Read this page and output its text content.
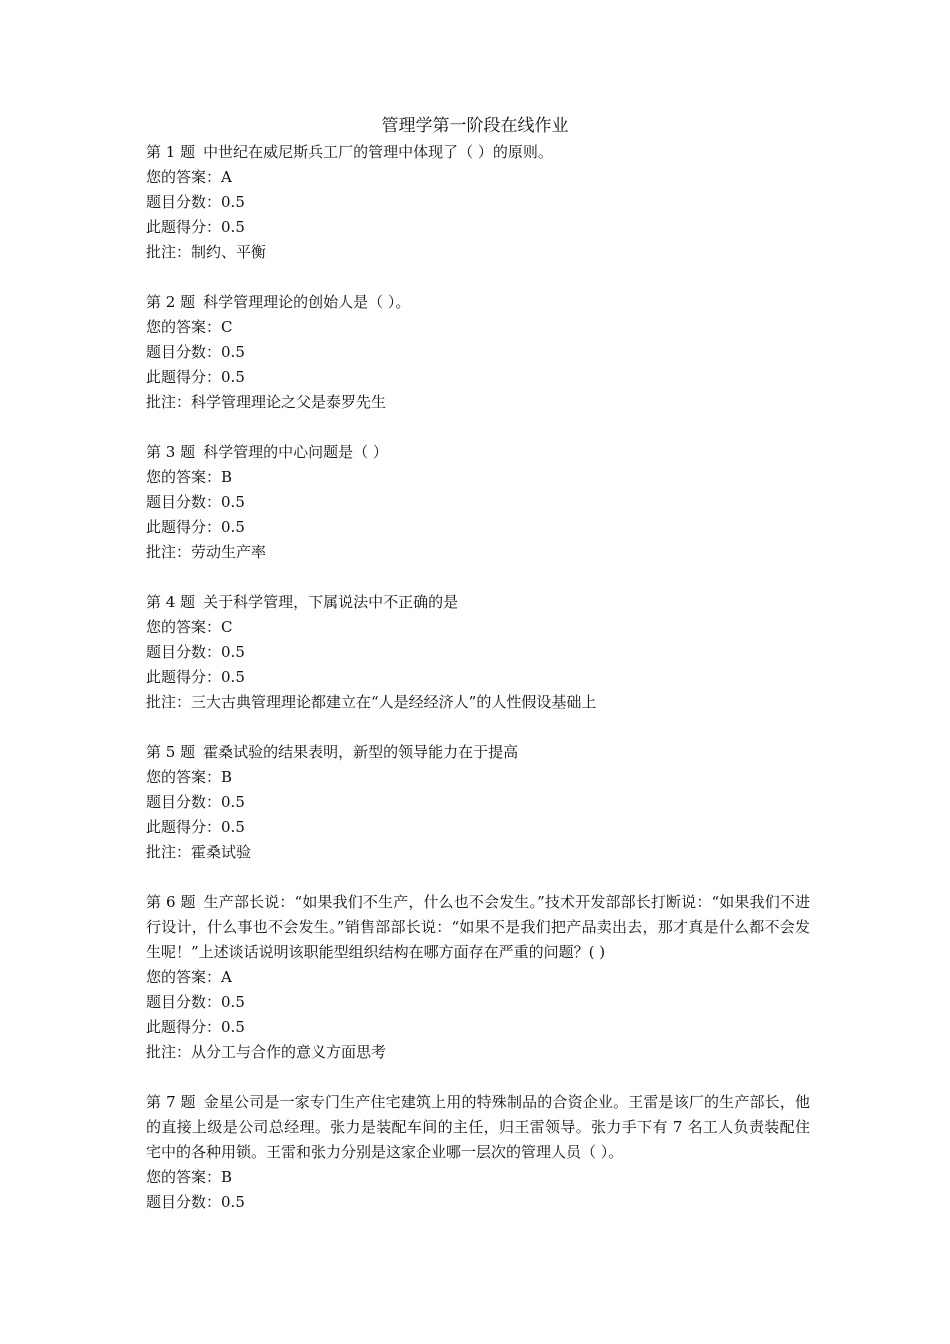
管理学第一阶段在线作业
第 1 题 中世纪在威尼斯兵工厂的管理中体现了（ ）的原则。
您的答案：A
题目分数：0.5
此题得分：0.5
批注：制约、平衡
第 2 题 科学管理理论的创始人是（ ）。
您的答案：C
题目分数：0.5
此题得分：0.5
批注：科学管理理论之父是泰罗先生
第 3 题 科学管理的中心问题是（ ）
您的答案：B
题目分数：0.5
此题得分：0.5
批注：劳动生产率
第 4 题 关于科学管理，下属说法中不正确的是
您的答案：C
题目分数：0.5
此题得分：0.5
批注：三大古典管理理论都建立在“人是经经济人”的人性假设基础上
第 5 题 霍桑试验的结果表明，新型的领导能力在于提高
您的答案：B
题目分数：0.5
此题得分：0.5
批注：霍桑试验
第 6 题 生产部长说：“如果我们不生产，什么也不会发生。”技术开发部部长打断说：“如果我们不进行设计，什么事也不会发生。”销售部部长说：“如果不是我们把产品卖出去，那才真是什么都不会发生呢！”上述谈话说明该职能型组织结构在哪方面存在严重的问题？( )
您的答案：A
题目分数：0.5
此题得分：0.5
批注：从分工与合作的意义方面思考
第 7 题 金星公司是一家专门生产住宅建筑上用的特殊制品的合资企业。王雷是该厂的生产部长，他的直接上级是公司总经理。张力是装配车间的主任，归王雷领导。张力手下有 7 名工人负责装配住宅中的各种用锁。王雷和张力分别是这家企业哪一层次的管理人员（ ）。
您的答案：B
题目分数：0.5
